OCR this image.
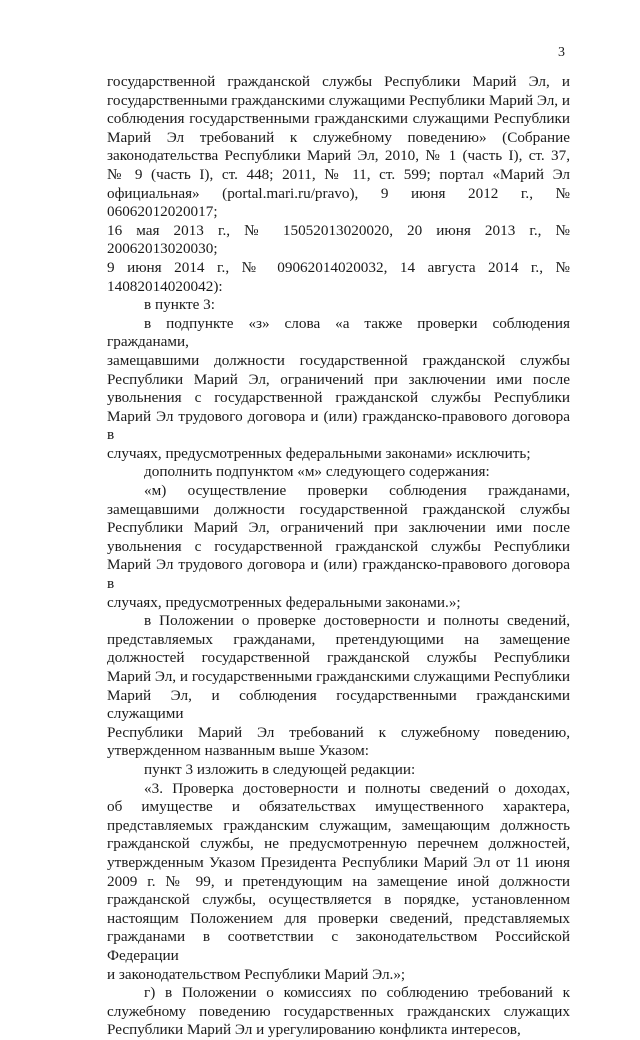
3
государственной гражданской службы Республики Марий Эл, и
государственными гражданскими служащими Республики Марий Эл, и
соблюдения государственными гражданскими служащими Республики
Марий Эл требований к служебному поведению» (Собрание
законодательства Республики Марий Эл, 2010, № 1 (часть I), ст. 37,
№ 9 (часть I), ст. 448; 2011, № 11, ст. 599; портал «Марий Эл
официальная» (portal.mari.ru/pravo), 9 июня 2012 г., № 06062012020017;
16 мая 2013 г., № 15052013020020, 20 июня 2013 г., № 20062013020030;
9 июня 2014 г., № 09062014020032, 14 августа 2014 г., № 14082014020042):
в пункте 3:
в подпункте «з» слова «а также проверки соблюдения гражданами,
замещавшими должности государственной гражданской службы
Республики Марий Эл, ограничений при заключении ими после
увольнения с государственной гражданской службы Республики
Марий Эл трудового договора и (или) гражданско-правового договора в
случаях, предусмотренных федеральными законами» исключить;
дополнить подпунктом «м» следующего содержания:
«м) осуществление проверки соблюдения гражданами,
замещавшими должности государственной гражданской службы
Республики Марий Эл, ограничений при заключении ими после
увольнения с государственной гражданской службы Республики
Марий Эл трудового договора и (или) гражданско-правового договора в
случаях, предусмотренных федеральными законами.»;
в Положении о проверке достоверности и полноты сведений,
представляемых гражданами, претендующими на замещение
должностей государственной гражданской службы Республики
Марий Эл, и государственными гражданскими служащими Республики
Марий Эл, и соблюдения государственными гражданскими служащими
Республики Марий Эл требований к служебному поведению,
утвержденном названным выше Указом:
пункт 3 изложить в следующей редакции:
«3. Проверка достоверности и полноты сведений о доходах,
об имуществе и обязательствах имущественного характера,
представляемых гражданским служащим, замещающим должность
гражданской службы, не предусмотренную перечнем должностей,
утвержденным Указом Президента Республики Марий Эл от 11 июня
2009 г. № 99, и претендующим на замещение иной должности
гражданской службы, осуществляется в порядке, установленном
настоящим Положением для проверки сведений, представляемых
гражданами в соответствии с законодательством Российской Федерации
и законодательством Республики Марий Эл.»;
г) в Положении о комиссиях по соблюдению требований к
служебному поведению государственных гражданских служащих
Республики Марий Эл и урегулированию конфликта интересов,
